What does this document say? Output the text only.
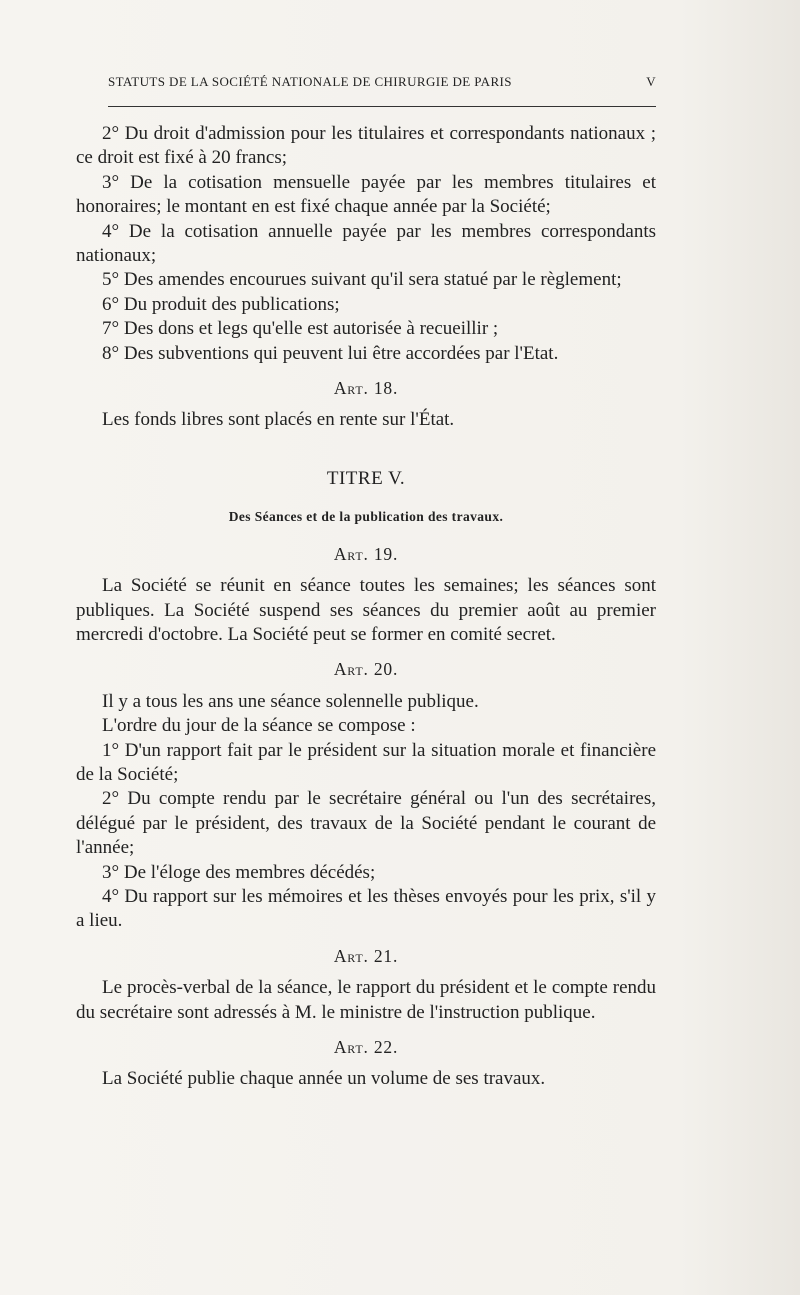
STATUTS DE LA SOCIÉTÉ NATIONALE DE CHIRURGIE DE PARIS	V

2° Du droit d'admission pour les titulaires et correspondants nationaux ; ce droit est fixé à 20 francs;

3° De la cotisation mensuelle payée par les membres titulaires et honoraires; le montant en est fixé chaque année par la Société;

4° De la cotisation annuelle payée par les membres correspondants nationaux;

5° Des amendes encourues suivant qu'il sera statué par le règlement;

6° Du produit des publications;

7° Des dons et legs qu'elle est autorisée à recueillir ;

8° Des subventions qui peuvent lui être accordées par l'Etat.

Art. 18.

Les fonds libres sont placés en rente sur l'État.

TITRE V.
Des Séances et de la publication des travaux.
Art. 19.

La Société se réunit en séance toutes les semaines; les séances sont publiques. La Société suspend ses séances du premier août au premier mercredi d'octobre. La Société peut se former en comité secret.

Art. 20.

Il y a tous les ans une séance solennelle publique.

L'ordre du jour de la séance se compose :

1° D'un rapport fait par le président sur la situation morale et financière de la Société;

2° Du compte rendu par le secrétaire général ou l'un des secrétaires, délégué par le président, des travaux de la Société pendant le courant de l'année;

3° De l'éloge des membres décédés;

4° Du rapport sur les mémoires et les thèses envoyés pour les prix, s'il y a lieu.

Art. 21.

Le procès-verbal de la séance, le rapport du président et le compte rendu du secrétaire sont adressés à M. le ministre de l'instruction publique.

Art. 22.

La Société publie chaque année un volume de ses travaux.
